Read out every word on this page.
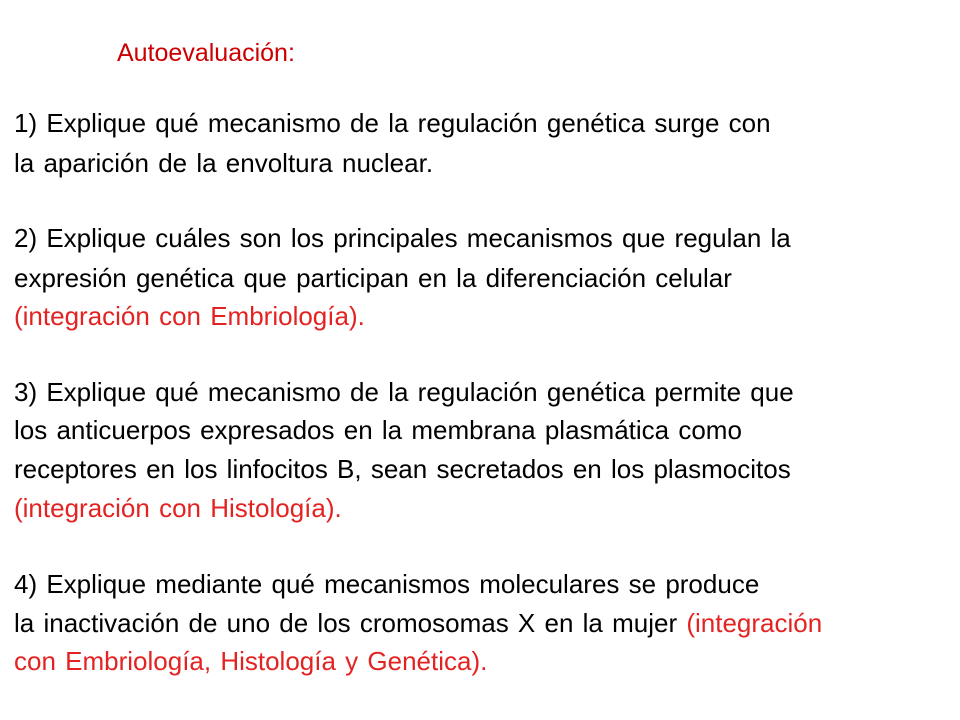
Autoevaluación:
1) Explique qué mecanismo de la regulación genética surge con
la aparición de la envoltura nuclear.
2) Explique cuáles son los principales mecanismos que regulan la
expresión genética que participan en la diferenciación celular
(integración con Embriología).
3) Explique qué mecanismo de la regulación genética permite que
los anticuerpos expresados en la membrana plasmática como
receptores en los linfocitos B, sean secretados en los plasmocitos
(integración con Histología).
4) Explique mediante qué mecanismos moleculares se produce
la inactivación de uno de los cromosomas X en la mujer (integración
con Embriología, Histología y Genética).
